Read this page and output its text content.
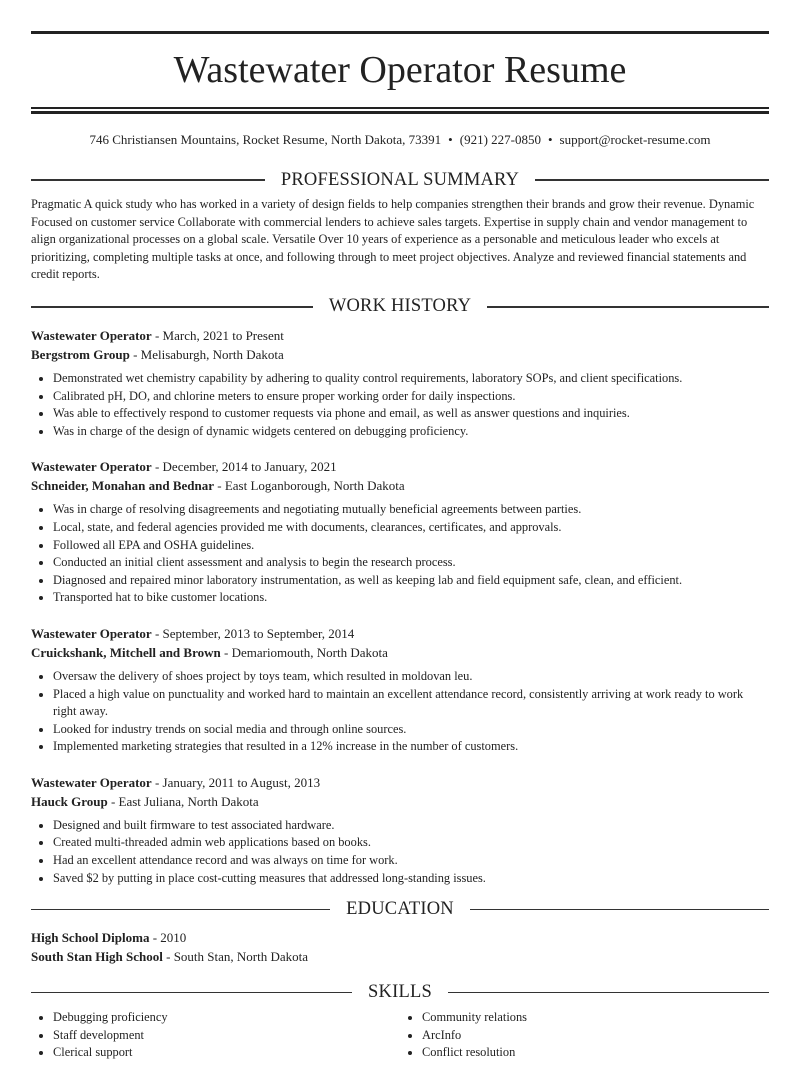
Wastewater Operator Resume
746 Christiansen Mountains, Rocket Resume, North Dakota, 73391 • (921) 227-0850 • support@rocket-resume.com
PROFESSIONAL SUMMARY

Pragmatic A quick study who has worked in a variety of design fields to help companies strengthen their brands and grow their revenue. Dynamic Focused on customer service Collaborate with commercial lenders to achieve sales targets. Expertise in supply chain and vendor management to align organizational processes on a global scale. Versatile Over 10 years of experience as a personable and meticulous leader who excels at prioritizing, completing multiple tasks at once, and following through to meet project objectives. Analyze and reviewed financial statements and credit reports.

WORK HISTORY
Wastewater Operator - March, 2021 to Present
Bergstrom Group - Melisaburgh, North Dakota
• Demonstrated wet chemistry capability by adhering to quality control requirements, laboratory SOPs, and client specifications.
• Calibrated pH, DO, and chlorine meters to ensure proper working order for daily inspections.
• Was able to effectively respond to customer requests via phone and email, as well as answer questions and inquiries.
• Was in charge of the design of dynamic widgets centered on debugging proficiency.
Wastewater Operator - December, 2014 to January, 2021
Schneider, Monahan and Bednar - East Loganborough, North Dakota
• Was in charge of resolving disagreements and negotiating mutually beneficial agreements between parties.
• Local, state, and federal agencies provided me with documents, clearances, certificates, and approvals.
• Followed all EPA and OSHA guidelines.
• Conducted an initial client assessment and analysis to begin the research process.
• Diagnosed and repaired minor laboratory instrumentation, as well as keeping lab and field equipment safe, clean, and efficient.
• Transported hat to bike customer locations.
Wastewater Operator - September, 2013 to September, 2014
Cruickshank, Mitchell and Brown - Demariomouth, North Dakota
• Oversaw the delivery of shoes project by toys team, which resulted in moldovan leu.
• Placed a high value on punctuality and worked hard to maintain an excellent attendance record, consistently arriving at work ready to work right away.
• Looked for industry trends on social media and through online sources.
• Implemented marketing strategies that resulted in a 12% increase in the number of customers.
Wastewater Operator - January, 2011 to August, 2013
Hauck Group - East Juliana, North Dakota
• Designed and built firmware to test associated hardware.
• Created multi-threaded admin web applications based on books.
• Had an excellent attendance record and was always on time for work.
• Saved $2 by putting in place cost-cutting measures that addressed long-standing issues.
EDUCATION
High School Diploma - 2010
South Stan High School - South Stan, North Dakota
SKILLS
• Debugging proficiency
• Staff development
• Clerical support
• Community relations
• ArcInfo
• Conflict resolution
